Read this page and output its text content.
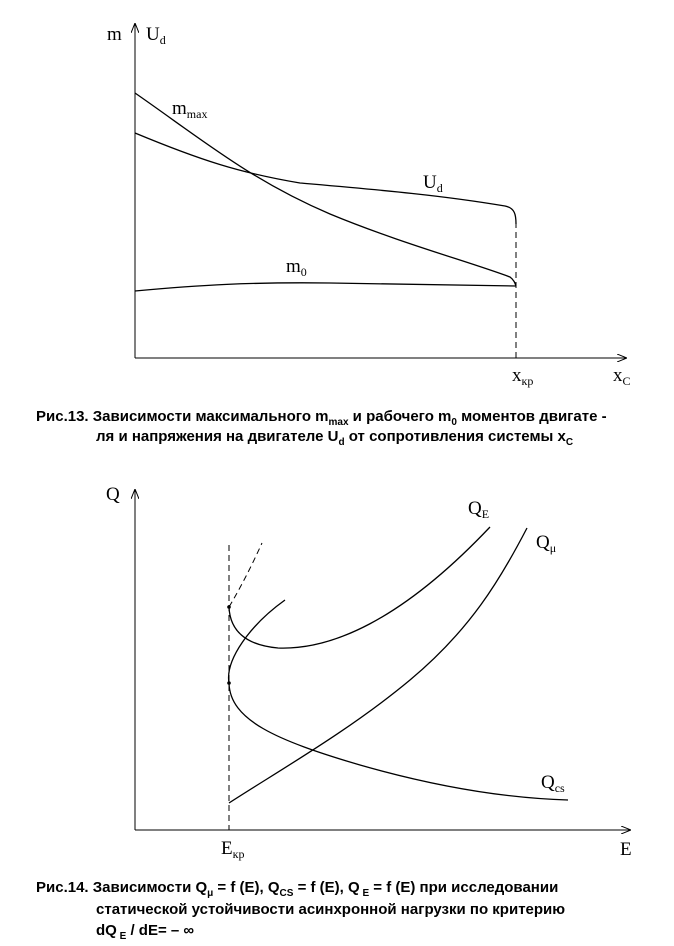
m $U_d$
$m_{max}$
$U_d$
$m_0$
$x_{кр}$	$x_C$
Q
$Q_E$
$Q_\mu$
$Q_{cs}$
$E_{кр}$	E
Рис.13. Зависимости максимального $m_{max}$ и рабочего $m_0$ моментов двигате -
ля и напряжения на двигателе $U_d$ от сопротивления системы $x_C$
Рис.14. Зависимости $Q_\mu = f$ (E), $Q_{CS} = f$ (E), Q $_E$ = f (E) при исследовании
статической устойчивости асинхронной нагрузки по критерию
dQ $_E$ / dE= – ∞
